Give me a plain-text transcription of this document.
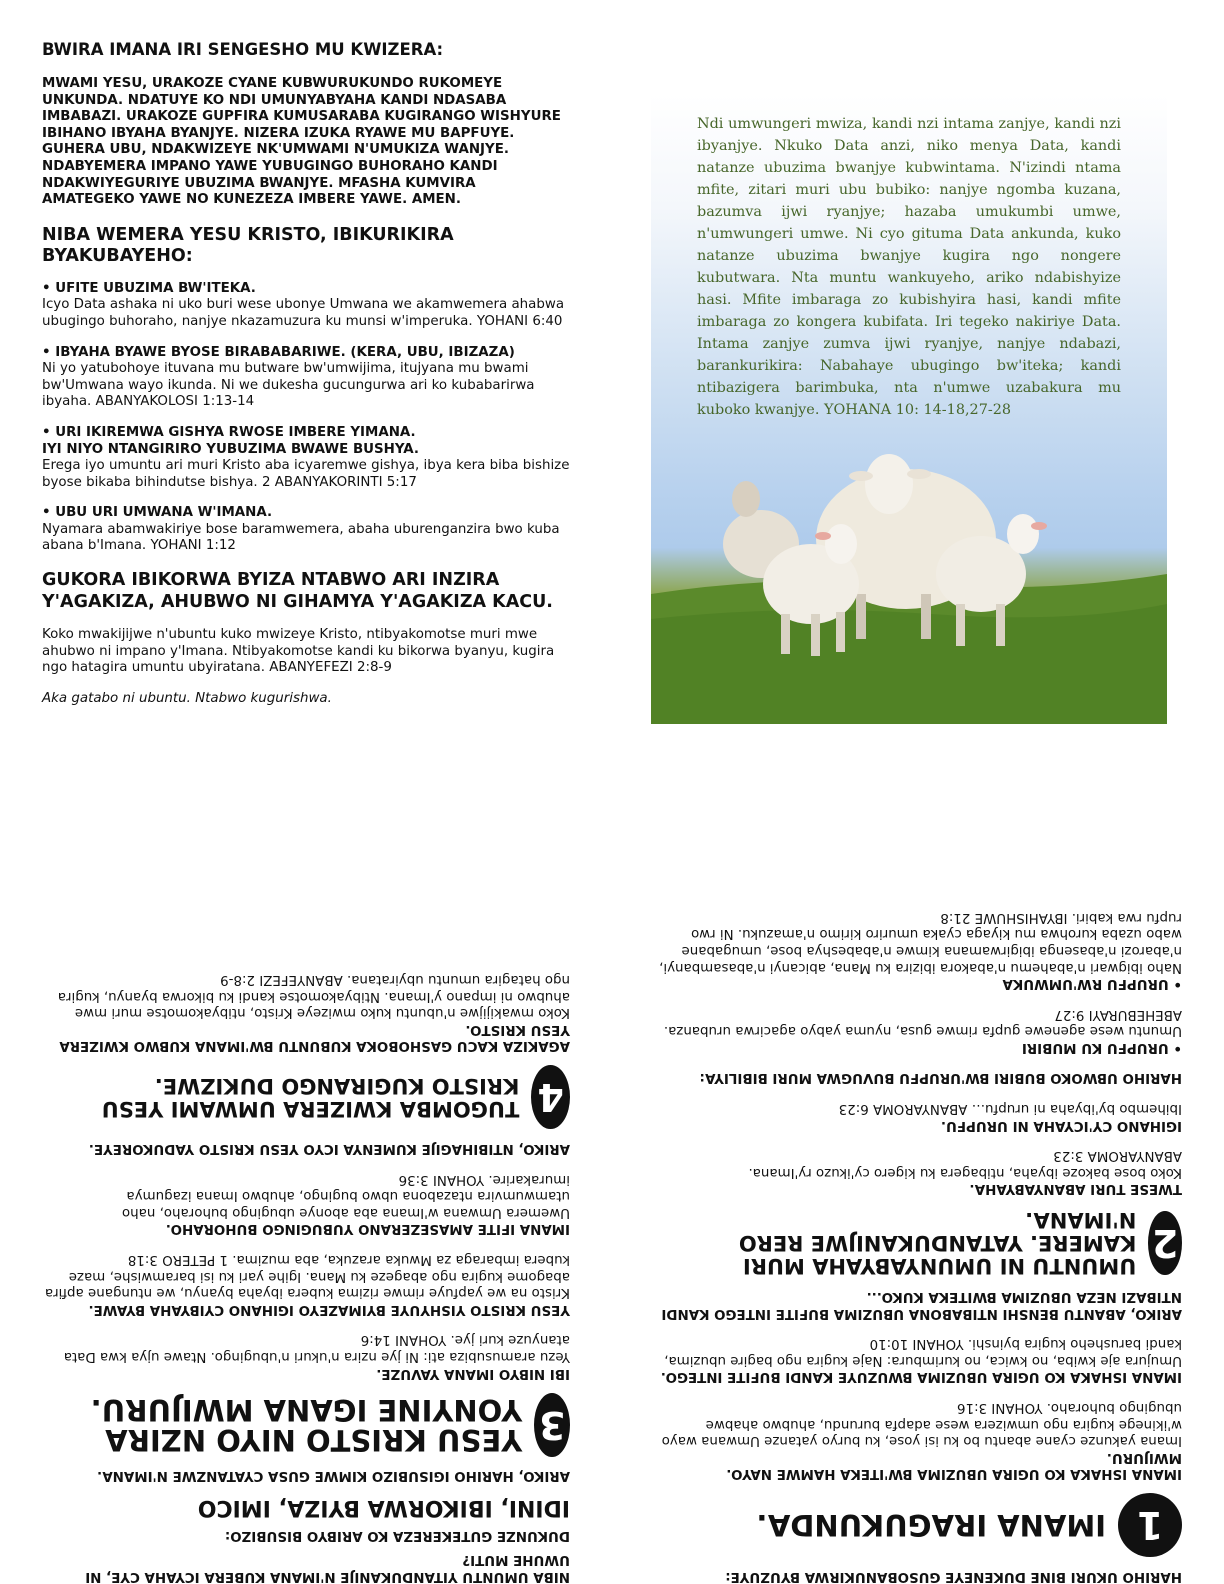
BWIRA IMANA IRI SENGESHO MU KWIZERA:

MWAMI YESU, URAKOZE CYANE KUBWURUKUNDO RUKOMEYE UNKUNDA. NDATUYE KO NDI UMUNYABYAHA KANDI NDASABA IMBABAZI. URAKOZE GUPFIRA KUMUSARABA KUGIRANGO WISHYURE IBIHANO IBYAHA BYANJYE. NIZERA IZUKA RYAWE MU BAPFUYE. GUHERA UBU, NDAKWIZEYE NK'UMWAMI N'UMUKIZA WANJYE. NDABYEMERA IMPANO YAWE YUBUGINGO BUHORAHO KANDI NDAKWIYEGURIYE UBUZIMA BWANJYE. MFASHA KUMVIRA AMATEGEKO YAWE NO KUNEZEZA IMBERE YAWE. AMEN.

NIBA WEMERA YESU KRISTO, IBIKURIKIRA BYAKUBAYEHO:

• UFITE UBUZIMA BW'ITEKA.

Icyo Data ashaka ni uko buri wese ubonye Umwana we akamwemera ahabwa ubugingo buhoraho, nanjye nkazamuzura ku munsi w'imperuka. YOHANI 6:40

• IBYAHA BYAWE BYOSE BIRABABARIWE. (KERA, UBU, IBIZAZA)

Ni yo yatubohoye ituvana mu butware bw'umwijima, itujyana mu bwami bw'Umwana wayo ikunda. Ni we dukesha gucungurwa ari ko kubabarirwa ibyaha. ABANYAKOLOSI 1:13-14

• URI IKIREMWA GISHYA RWOSE IMBERE YIMANA.

IYI NIYO NTANGIRIRO YUBUZIMA BWAWE BUSHYA.

Erega iyo umuntu ari muri Kristo aba icyaremwe gishya, ibya kera biba bishize byose bikaba bihindutse bishya. 2 ABANYAKORINTI 5:17

• UBU URI UMWANA W'IMANA.

Nyamara abamwakiriye bose baramwemera, abaha uburenganzira bwo kuba abana b'Imana. YOHANI 1:12

GUKORA IBIKORWA BYIZA NTABWO ARI INZIRA Y'AGAKIZA, AHUBWO NI GIHAMYA Y'AGAKIZA KACU.

Koko mwakijijwe n'ubuntu kuko mwizeye Kristo, ntibyakomotse muri mwe ahubwo ni impano y'Imana. Ntibyakomotse kandi ku bikorwa byanyu, kugira ngo hatagira umuntu ubyiratana. ABANYEFEZI 2:8-9

Aka gatabo ni ubuntu. Ntabwo kugurishwa.

Ndi umwungeri mwiza, kandi nzi intama zanjye, kandi nzi ibyanjye. Nkuko Data anzi, niko menya Data, kandi natanze ubuzima bwanjye kubwintama. N'izindi ntama mfite, zitari muri ubu bubiko: nanjye ngomba kuzana, bazumva ijwi ryanjye; hazaba umukumbi umwe, n'umwungeri umwe. Ni cyo gituma Data ankunda, kuko natanze ubuzima bwanjye kugira ngo nongere kubutwara. Nta muntu wankuyeho, ariko ndabishyize hasi. Mfite imbaraga zo kubishyira hasi, kandi mfite imbaraga zo kongera kubifata. Iri tegeko nakiriye Data. Intama zanjye zumva ijwi ryanjye, nanjye ndabazi, barankurikira: Nabahaye ubugingo bw'iteka; kandi ntibazigera barimbuka, nta n'umwe uzabakura mu kuboko kwanjye. YOHANA 10: 14-18,27-28

HARIHO UKURI BINE DUKENEYE GUSOBANUKIRWA BYUZUYE:

1
IMANA IRAGUKUNDA.

IMANA ISHAKA KO UGIRA UBUZIMA BW'ITEKA HAMWE NAYO. MWIJURU.

Imana yakunze cyane abantu bo ku isi yose, ku buryo yatanze Umwana wayo w'ikinege kugira ngo umwizera wese adapfa burundu, ahubwo ahabwe ubugingo buhoraho. YOHANI 3:16

IMANA ISHAKA KO UGIRA UBUZIMA BWUZUYE KANDI BUFITE INTEGO.

Umujura aje kwiba, no kwica, no kurimbura: Naje kugira ngo bagire ubuzima, kandi barusheho kugira byinshi. YOHANI 10:10

ARIKO, ABANTU BENSHI NTIBABONA UBUZIMA BUFITE INTEGO KANDI NTIBAZI NEZA UBUZIMA BWITEKA KUKO...

2
UMUNTU NI UMUNYABYAHA MURI KAMERE. YATANDUKANIJWE RERO N'IMANA.

TWESE TURI ABANYABYAHA.

Koko bose bakoze ibyaha, ntibagera ku kigero cy'ikuzo ry'Imana. ABANYAROMA 3:23

IGIHANO CY'ICYAHA NI URUPFU.

Ibihembo by'ibyaha ni urupfu… ABANYAROMA 6:23

HARIHO UBWOKO BUBIRI BW'URUPFU BUVUGWA MURI BIBILIYA:

• URUPFU KU MUBIRI

Umuntu wese agenewe gupfa rimwe gusa, nyuma yabyo agacirwa urubanza. ABEHEBURAYI 9:27

• URUPFU RW'UMWUKA

Naho ibigwari n'abahemu n'abakora ibizira ku Mana, abicanyi n'abasambanyi, n'abarozi n'abasenga ibigirwamana kimwe n'ababeshya bose, umugabane wabo uzaba kurohwa mu kiyaga cyaka umuriro kirimo n'amazuku. Ni rwo rupfu rwa kabiri. IBYAHISHUWE 21:8

NIBA UMUNTU YITANDUKANIJE N'IMANA KUBERA ICYAHA CYE, NI UWUHE MUTI?

DUKUNZE GUTEKEREZA KO ARIBYO BISUBIZO:

IDINI, IBIKORWA BYIZA, IMICO

ARIKO, HARIHO IGISUBIZO KIMWE GUSA CYATANZWE N'IMANA.

3
YESU KRISTO NIYO NZIRA YONYINE IGANA MWIJURU.

IBI NIBYO IMANA YAVUZE.

Yezu aramusubiza ati: Ni jye nzira n'ukuri n'ubugingo. Ntawe ujya kwa Data atanyuze kuri jye. YOHANI 14:6

YESU KRISTO YISHYUYE BYIMAZEYO IGIHANO CYIBYAHA BYAWE.

Kristo na we yapfuye rimwe rizima kubera ibyaha byanyu, we ntungane apfira abagome kugira ngo abageze ku Mana. Igihe yari ku isi baramwishe, maze kubera imbaraga za Mwuka arazuka, aba muzima. 1 PETERO 3:18

IMANA IFITE AMASEZERANO YUBUGINGO BUHORAHO.

Uwemera Umwana w'Imana aba abonye ubugingo buhoraho, naho utamwumvira ntazabona ubwo bugingo, ahubwo Imana izagumya imurakarire. YOHANI 3:36

ARIKO, NTIBIHAGIJE KUMENYA ICYO YESU KRISTO YADUKOREYE.

4
TUGOMBA KWIZERA UMWAMI YESU KRISTO KUGIRANGO DUKIZWE.

AGAKIZA KACU GASHOBOKA KUBUNTU BW'IMANA KUBWO KWIZERA YESU KRISTO.

Koko mwakijijwe n'ubuntu kuko mwizeye Kristo, ntibyakomotse muri mwe ahubwo ni impano y'Imana. Ntibyakomotse kandi ku bikorwa byanyu, kugira ngo hatagira umuntu ubyiratana. ABANYEFEZI 2:8-9
